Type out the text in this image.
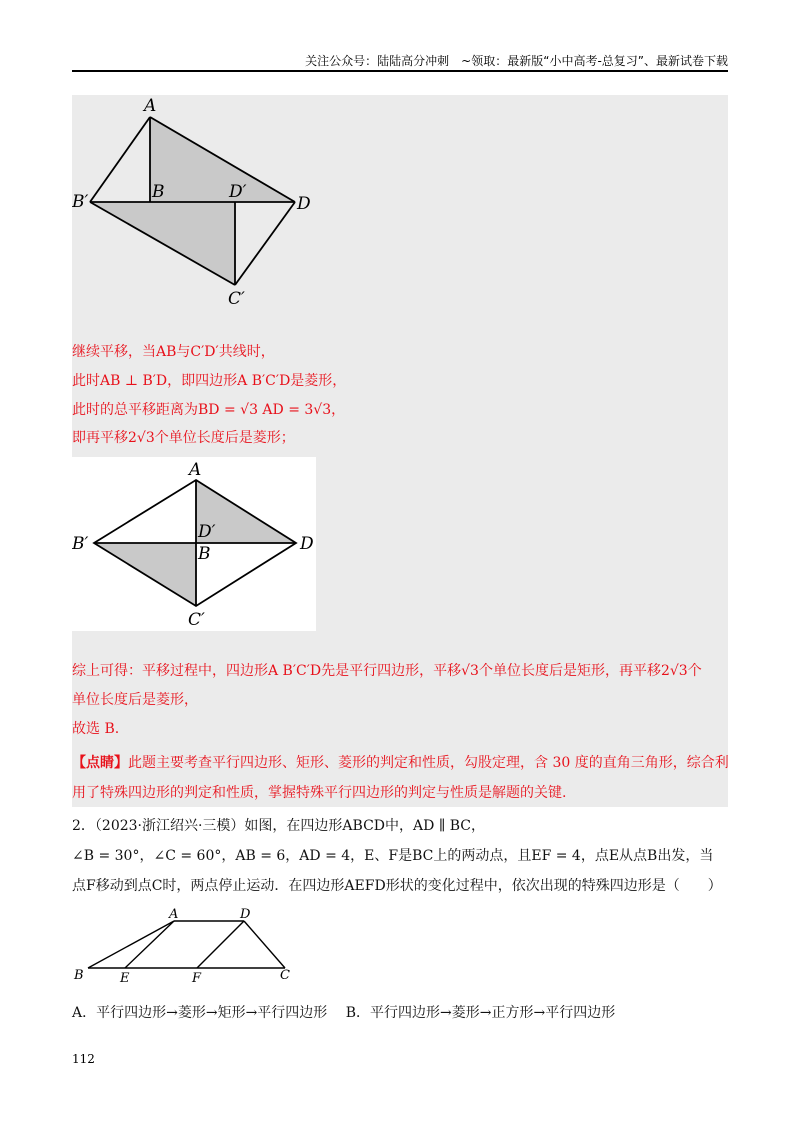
关注公众号：陆陆高分冲刺　~领取：最新版“小中高考-总复习”、最新试卷下载
A
B
B′	D′
D
C′
继续平移，当AB与C′D′共线时，
此时AB ⊥ B′D，即四边形A B′C′D是菱形，
此时的总平移距离为BD = √3 AD = 3√3，
即再平移2√3个单位长度后是菱形；
A
D′
B′	B	D
C′
综上可得：平移过程中，四边形A B′C′D先是平行四边形，平移√3个单位长度后是矩形，再平移2√3个
单位长度后是菱形，
故选 B.
【点睛】此题主要考查平行四边形、矩形、菱形的判定和性质，勾股定理，含 30 度的直角三角形，综合利
用了特殊四边形的判定和性质，掌握特殊平行四边形的判定与性质是解题的关键.
2．（2023·浙江绍兴·三模）如图，在四边形ABCD中，AD ∥ BC，
∠B = 30°，∠C = 60°，AB = 6，AD = 4，E、F是BC上的两动点，且EF = 4，点E从点B出发，当
点F移动到点C时，两点停止运动．在四边形AEFD形状的变化过程中，依次出现的特殊四边形是（　　）
A	D
B	E	F	C
A．平行四边形→菱形→矩形→平行四边形　 B．平行四边形→菱形→正方形→平行四边形
112
